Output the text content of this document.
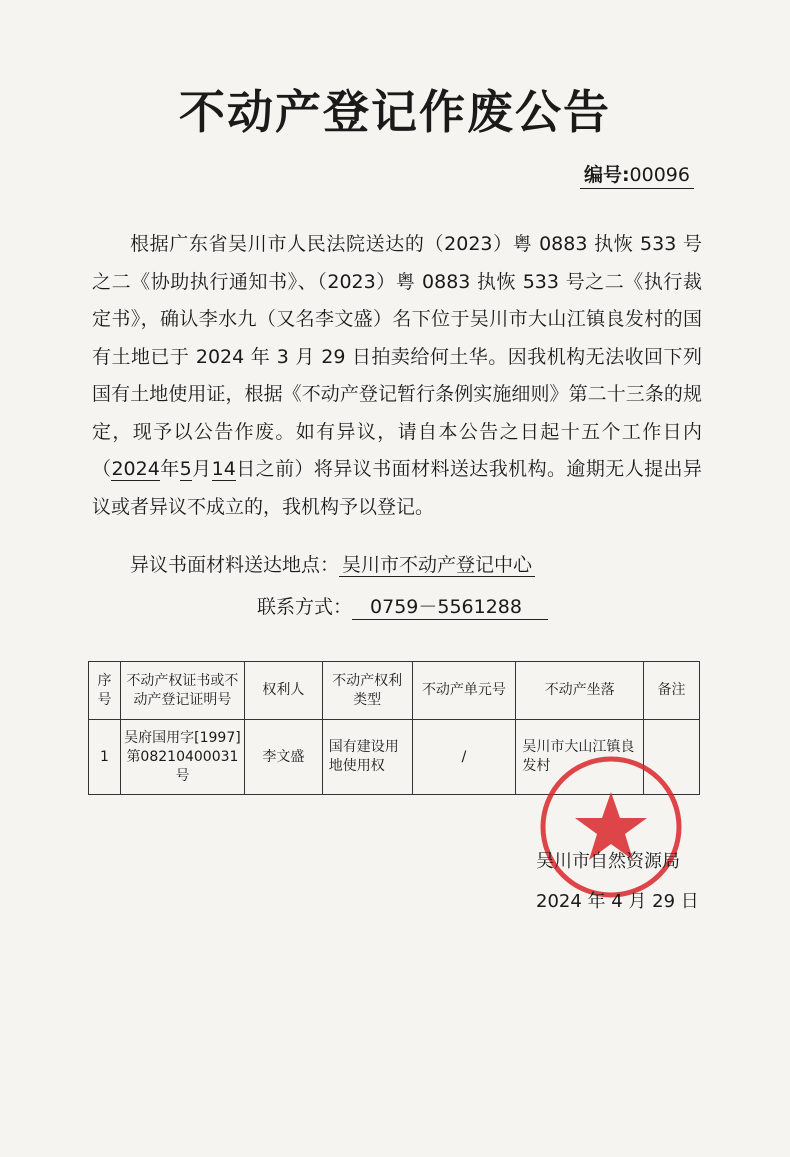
不动产登记作废公告
编号:00096

根据广东省吴川市人民法院送达的（2023）粤 0883 执恢 533 号之二《协助执行通知书》、（2023）粤 0883 执恢 533 号之二《执行裁定书》，确认李水九（又名李文盛）名下位于吴川市大山江镇良发村的国有土地已于 2024 年 3 月 29 日拍卖给何土华。因我机构无法收回下列国有土地使用证，根据《不动产登记暂行条例实施细则》第二十三条的规定，现予以公告作废。如有异议，请自本公告之日起十五个工作日内（2024年5月14日之前）将异议书面材料送达我机构。逾期无人提出异议或者异议不成立的，我机构予以登记。

异议书面材料送达地点： 吴川市不动产登记中心
联系方式： 0759－5561288
序号	不动产权证书或不动产登记证明号	权利人	不动产权利类型	不动产单元号	不动产坐落	备注
1	吴府国用字[1997]第08210400031 号	李文盛	国有建设用地使用权	/	吴川市大山江镇良发村	
吴川市自然资源局
2024 年 4 月 29 日
